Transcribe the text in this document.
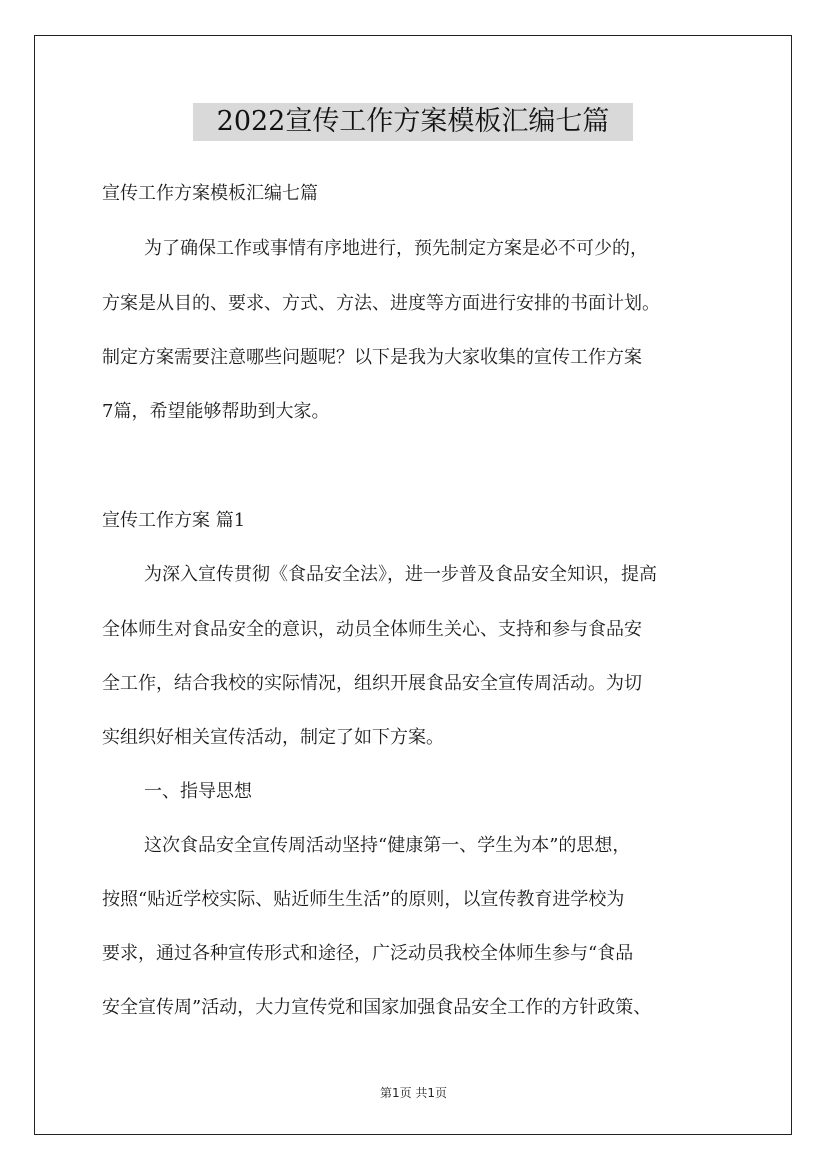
2022宣传工作方案模板汇编七篇
宣传工作方案模板汇编七篇
为了确保工作或事情有序地进行，预先制定方案是必不可少的，
方案是从目的、要求、方式、方法、进度等方面进行安排的书面计划。
制定方案需要注意哪些问题呢？以下是我为大家收集的宣传工作方案
7篇，希望能够帮助到大家。
宣传工作方案 篇1
为深入宣传贯彻《食品安全法》，进一步普及食品安全知识，提高
全体师生对食品安全的意识，动员全体师生关心、支持和参与食品安
全工作，结合我校的实际情况，组织开展食品安全宣传周活动。为切
实组织好相关宣传活动，制定了如下方案。
一、指导思想
这次食品安全宣传周活动坚持“健康第一、学生为本”的思想，
按照“贴近学校实际、贴近师生生活”的原则，以宣传教育进学校为
要求，通过各种宣传形式和途径，广泛动员我校全体师生参与“食品
安全宣传周”活动，大力宣传党和国家加强食品安全工作的方针政策、
第1页 共1页
